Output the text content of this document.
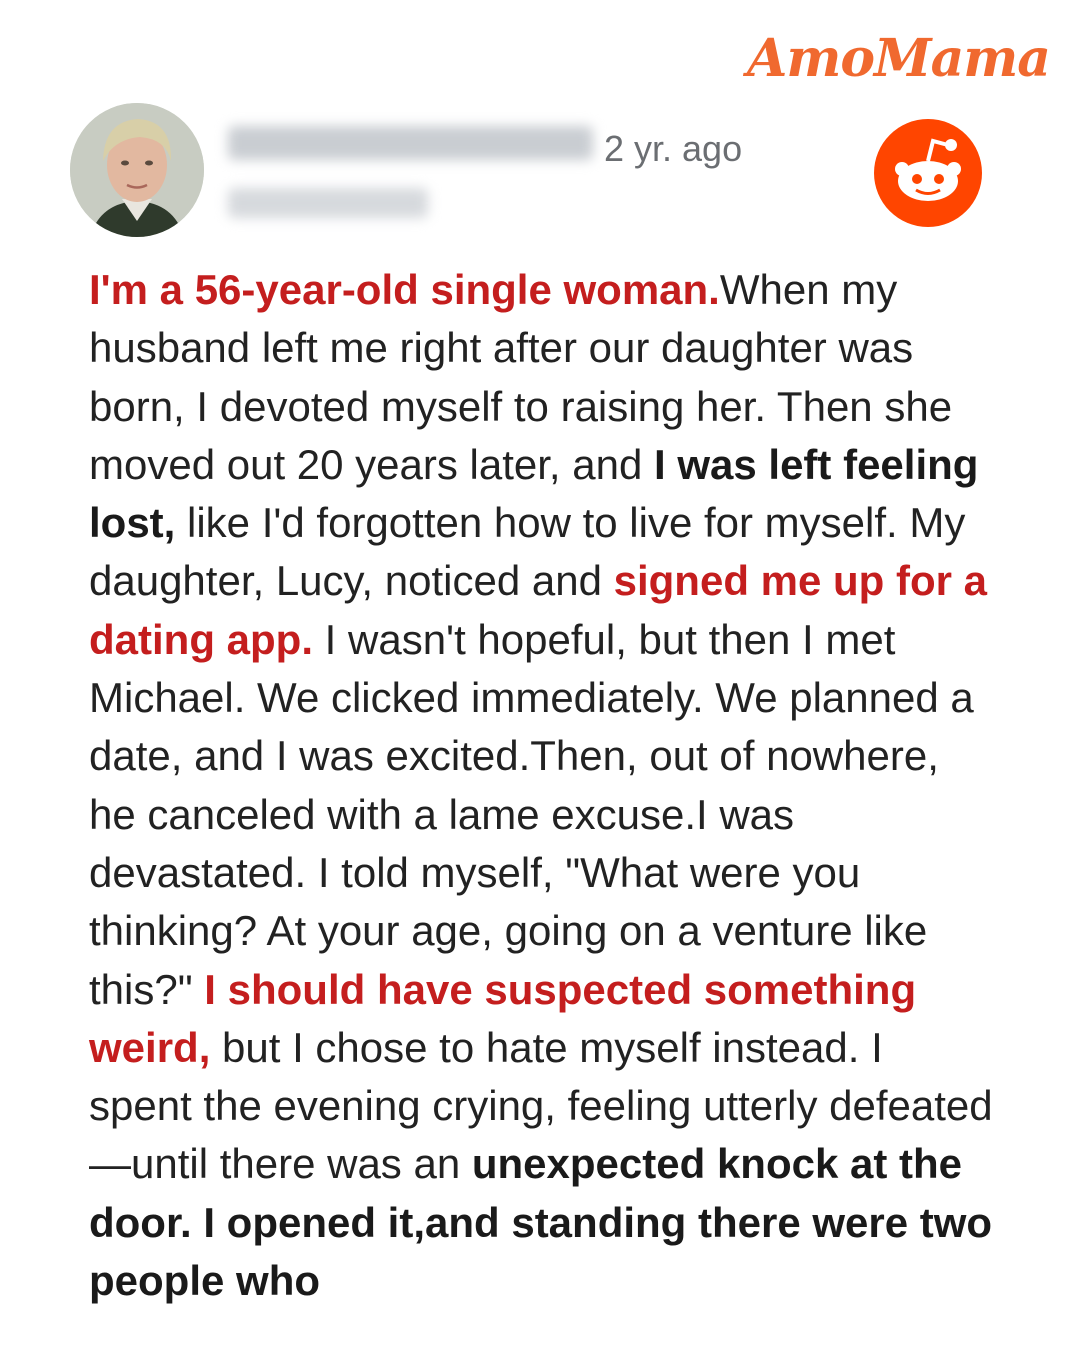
AmoMama
2 yr. ago

I'm a 56-year-old single woman.When my husband left me right after our daughter was born, I devoted myself to raising her. Then she moved out 20 years later, and I was left feeling lost, like I'd forgotten how to live for myself. My daughter, Lucy, noticed and signed me up for a dating app. I wasn't hopeful, but then I met Michael. We clicked immediately. We planned a date, and I was excited.Then, out of nowhere, he canceled with a lame excuse.I was devastated. I told myself, "What were you thinking? At your age, going on a venture like this?" I should have suspected something weird, but I chose to hate myself instead. I spent the evening crying, feeling utterly defeated —until there was an unexpected knock at the door. I opened it,and standing there were two people who
